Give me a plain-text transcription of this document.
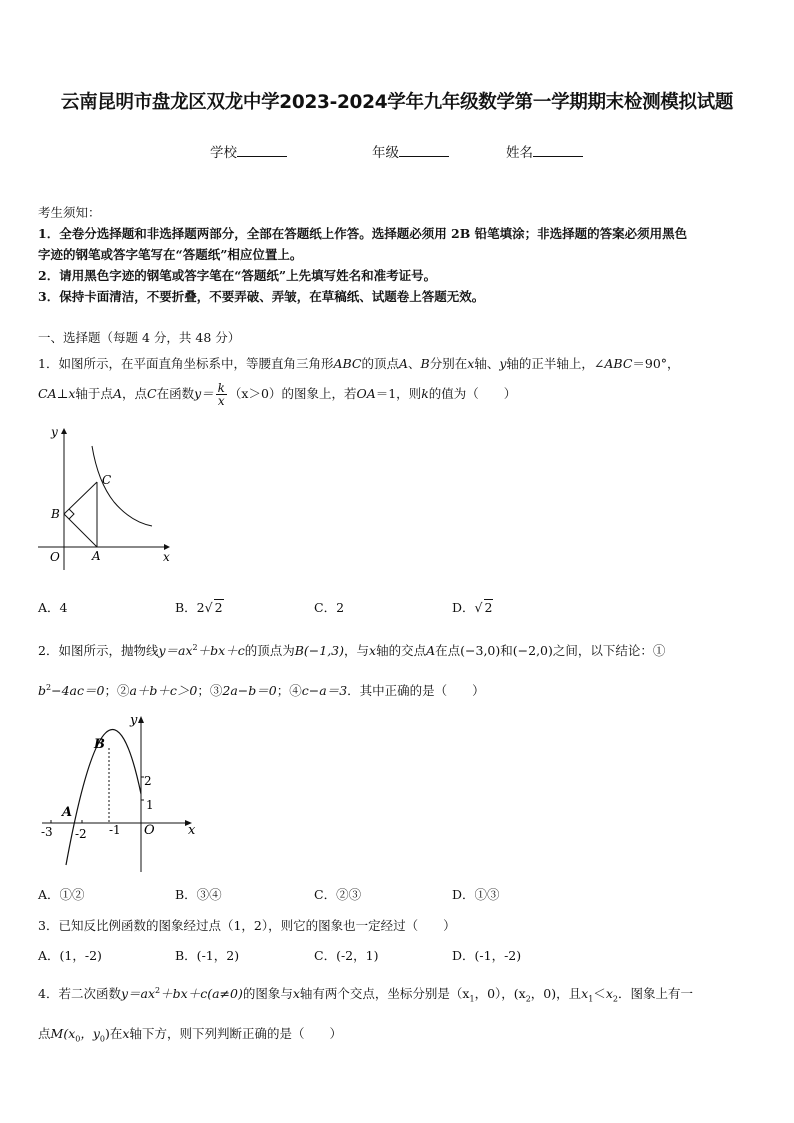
云南昆明市盘龙区双龙中学2023-2024学年九年级数学第一学期期末检测模拟试题
学校	年级	姓名
考生须知：
1．全卷分选择题和非选择题两部分，全部在答题纸上作答。选择题必须用 2B 铅笔填涂；非选择题的答案必须用黑色
字迹的钢笔或答字笔写在“答题纸”相应位置上。
2．请用黑色字迹的钢笔或答字笔在“答题纸”上先填写姓名和准考证号。
3．保持卡面清洁，不要折叠，不要弄破、弄皱，在草稿纸、试题卷上答题无效。
一、选择题（每题 4 分，共 48 分）
1．如图所示，在平面直角坐标系中，等腰直角三角形ABC的顶点A、B分别在x轴、y轴的正半轴上，∠ABC＝90°，
CA⊥x轴于点A，点C在函数$y= \frac{k}{x} (x>0)$的图象上，若OA＝1，则k的值为（　　）
y
x
O	A
B
C
A．4	B．2√ 2	C．2	D．√ 2
2．如图所示，抛物线$y=ax^2+bx+c$的顶点为B(−1,3)，与x轴的交点A在点(−3,0)和(−2,0)之间，以下结论：①
$b^2-4ac=0$；②a＋b＋c＞0；③2a−b＝0；④c−a＝3．其中正确的是（　　）
y
x
O
B
A
-3 -2 -1
2
1
A．①②	B．③④	C．②③	D．①③
3．已知反比例函数的图象经过点（1，2），则它的图象也一定经过（　　）
A．(1，-2)	B．(-1，2)	C．(-2，1)	D．(-1，-2)
4．若二次函数$y=ax^2+bx+c(a\ne 0)$的图象与x轴有两个交点，坐标分别是（$x_1$，0），($x_2$，0)，且$x_1<x_2$．图象上有一
点$M(x_0$，$y_0$)在x轴下方，则下列判断正确的是（　　）
